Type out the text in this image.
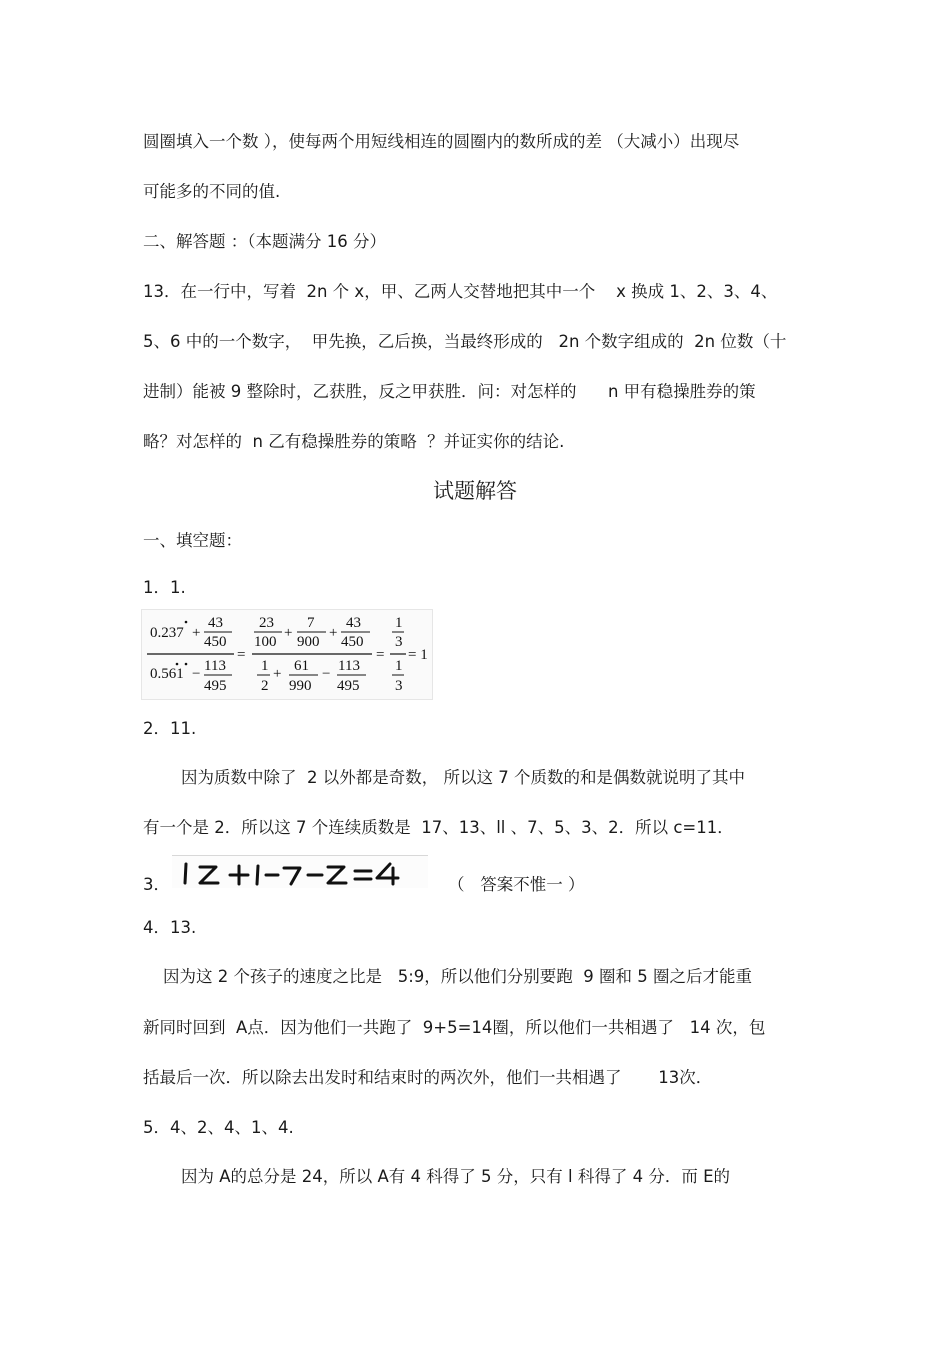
圆圈填入一个数 ），使每两个用短线相连的圆圈内的数所成的差 （大减小）出现尽
可能多的不同的值.
二、解答题 ：（本题满分 16 分）
13．在一行中，写着  2n 个 x，甲、乙两人交替地把其中一个    x 换成 1、2、3、4、
5、6 中的一个数字，  甲先换，乙后换，当最终形成的   2n 个数字组成的  2n 位数（十
进制）能被 9 整除时，乙获胜，反之甲获胜．问：对怎样的      n 甲有稳操胜券的策
略？对怎样的  n 乙有稳操胜券的策略  ？并证实你的结论.
试题解答
一、填空题：
1．1.
0.237 +
43
450
0.561 − 113
495
=
23
100
+
7
900
+
43
450
1
2
+ 61
990
− 113
495
=
1
3
1
3
= 1
2．11.
因为质数中除了  2 以外都是奇数， 所以这 7 个质数的和是偶数就说明了其中
有一个是 2．所以这 7 个连续质数是  17、13、ll 、7、5、3、2．所以 c=11．
3．
1Z +1−7−Z =4
（   答案不惟一 ）
4．13.
因为这 2 个孩子的速度之比是   5:9，所以他们分别要跑  9 圈和 5 圈之后才能重
新同时回到  A点．因为他们一共跑了  9+5=14圈，所以他们一共相遇了   14 次，包
括最后一次．所以除去出发时和结束时的两次外，他们一共相遇了       13次．
5．4、2、4、1、4.
因为 A的总分是 24，所以 A有 4 科得了 5 分，只有 l 科得了 4 分．而 E的
